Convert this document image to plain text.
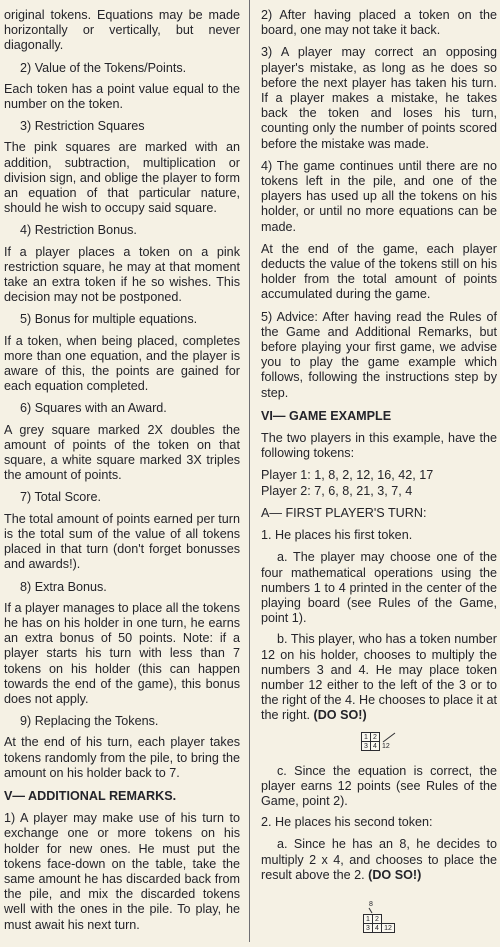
original tokens. Equations may be made horizontally or vertically, but never diagonally.

2) Value of the Tokens/Points.

Each token has a point value equal to the number on the token.

3) Restriction Squares

The pink squares are marked with an addition, subtraction, multiplication or division sign, and oblige the player to form an equation of that particular nature, should he wish to occupy said square.

4) Restriction Bonus.

If a player places a token on a pink restriction square, he may at that moment take an extra token if he so wishes. This decision may not be postponed.

5) Bonus for multiple equations.

If a token, when being placed, completes more than one equation, and the player is aware of this, the points are gained for each equation completed.

6) Squares with an Award.

A grey square marked 2X doubles the amount of points of the token on that square, a white square marked 3X triples the amount of points.

7) Total Score.

The total amount of points earned per turn is the total sum of the value of all tokens placed in that turn (don't forget bonusses and awards!).

8) Extra Bonus.

If a player manages to place all the tokens he has on his holder in one turn, he earns an extra bonus of 50 points. Note: if a player starts his turn with less than 7 tokens on his holder (this can happen towards the end of the game), this bonus does not apply.

9) Replacing the Tokens.

At the end of his turn, each player takes tokens randomly from the pile, to bring the amount on his holder back to 7.

V— ADDITIONAL REMARKS.

1) A player may make use of his turn to exchange one or more tokens on his holder for new ones. He must put the tokens face-down on the table, take the same amount he has discarded back from the pile, and mix the discarded tokens well with the ones in the pile. To play, he must await his next turn.

2) After having placed a token on the board, one may not take it back.

3) A player may correct an opposing player's mistake, as long as he does so before the next player has taken his turn. If a player makes a mistake, he takes back the token and loses his turn, counting only the number of points scored before the mistake was made.

4) The game continues until there are no tokens left in the pile, and one of the players has used up all the tokens on his holder, or until no more equations can be made.

At the end of the game, each player deducts the value of the tokens still on his holder from the total amount of points accumulated during the game.

5) Advice: After having read the Rules of the Game and Additional Remarks, but before playing your first game, we advise you to play the game example which follows, following the instructions step by step.

VI— GAME EXAMPLE

The two players in this example, have the following tokens:

Player 1: 1, 8, 2, 12, 16, 42, 17
Player 2: 7, 6, 8, 21, 3, 7, 4

A— FIRST PLAYER'S TURN:

1. He places his first token.

a. The player may choose one of the four mathematical operations using the numbers 1 to 4 printed in the center of the playing board (see Rules of the Game, point 1).

b. This player, who has a token number 12 on his holder, chooses to multiply the numbers 3 and 4. He may place token number 12 either to the left of the 3 or to the right of the 4. He chooses to place it at the right. (DO SO!)

1 2
3 4 12

c. Since the equation is correct, the player earns 12 points (see Rules of the Game, point 2).

2. He places his second token:

a. Since he has an 8, he decides to multiply 2 x 4, and chooses to place the result above the 2. (DO SO!)

8
1 2
3 4 12
